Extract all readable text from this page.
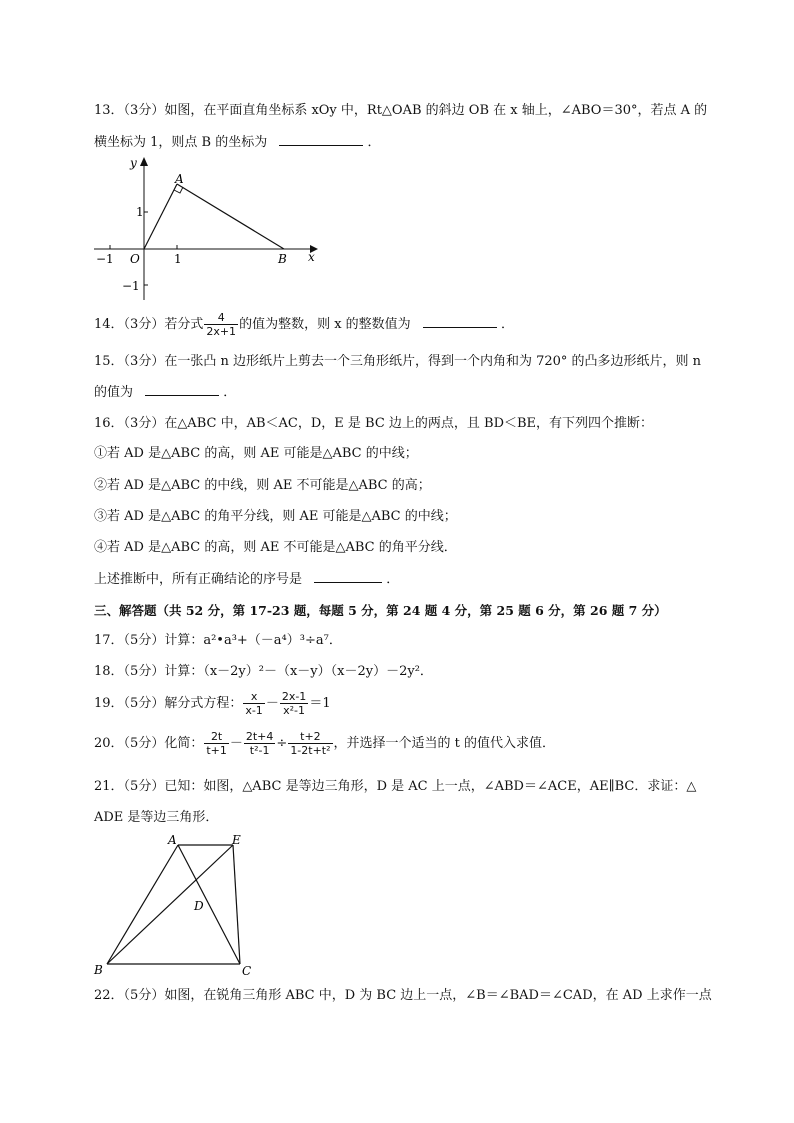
13．（3分）如图，在平面直角坐标系 xOy 中，Rt△OAB 的斜边 OB 在 x 轴上，∠ABO＝30°，若点 A 的
横坐标为 1，则点 B 的坐标为	．
y
x
A
B
O
1
1
−1
−1
14．（3分）若分式 $\frac{4}{2x+1}$ 的值为整数，则 x 的整数值为	．
15．（3分）在一张凸 n 边形纸片上剪去一个三角形纸片，得到一个内角和为 720° 的凸多边形纸片，则 n
的值为	．
16．（3分）在△ABC 中，AB＜AC，D，E 是 BC 边上的两点，且 BD＜BE，有下列四个推断：
①若 AD 是△ABC 的高，则 AE 可能是△ABC 的中线；
②若 AD 是△ABC 的中线，则 AE 不可能是△ABC 的高；
③若 AD 是△ABC 的角平分线，则 AE 可能是△ABC 的中线；
④若 AD 是△ABC 的高，则 AE 不可能是△ABC 的角平分线．
上述推断中，所有正确结论的序号是	．
三、解答题（共 52 分，第 17-23 题，每题 5 分，第 24 题 4 分，第 25 题 6 分，第 26 题 7 分）
17．（5分）计算：a²•a³+（－a⁴）³÷a⁷．
18．（5分）计算：（x－2y）²－（x－y）（x－2y）－2y²．
19．（5分）解分式方程： $\frac{x}{x-1} - \frac{2x-1}{\text{x²-1}} =1$
20．（5分）化简： $\frac{2t}{t+1} - \frac{2t+4}{\text{t²-1}} \div \frac{t+2}{\text{1-2t+t²}}$ ，并选择一个适当的 t 的值代入求值．
21．（5分）已知：如图，△ABC 是等边三角形，D 是 AC 上一点，∠ABD＝∠ACE，AE∥BC．求证：△
ADE 是等边三角形．
A	E
D
B	C
22．（5分）如图，在锐角三角形 ABC 中，D 为 BC 边上一点，∠B＝∠BAD＝∠CAD，在 AD 上求作一点
